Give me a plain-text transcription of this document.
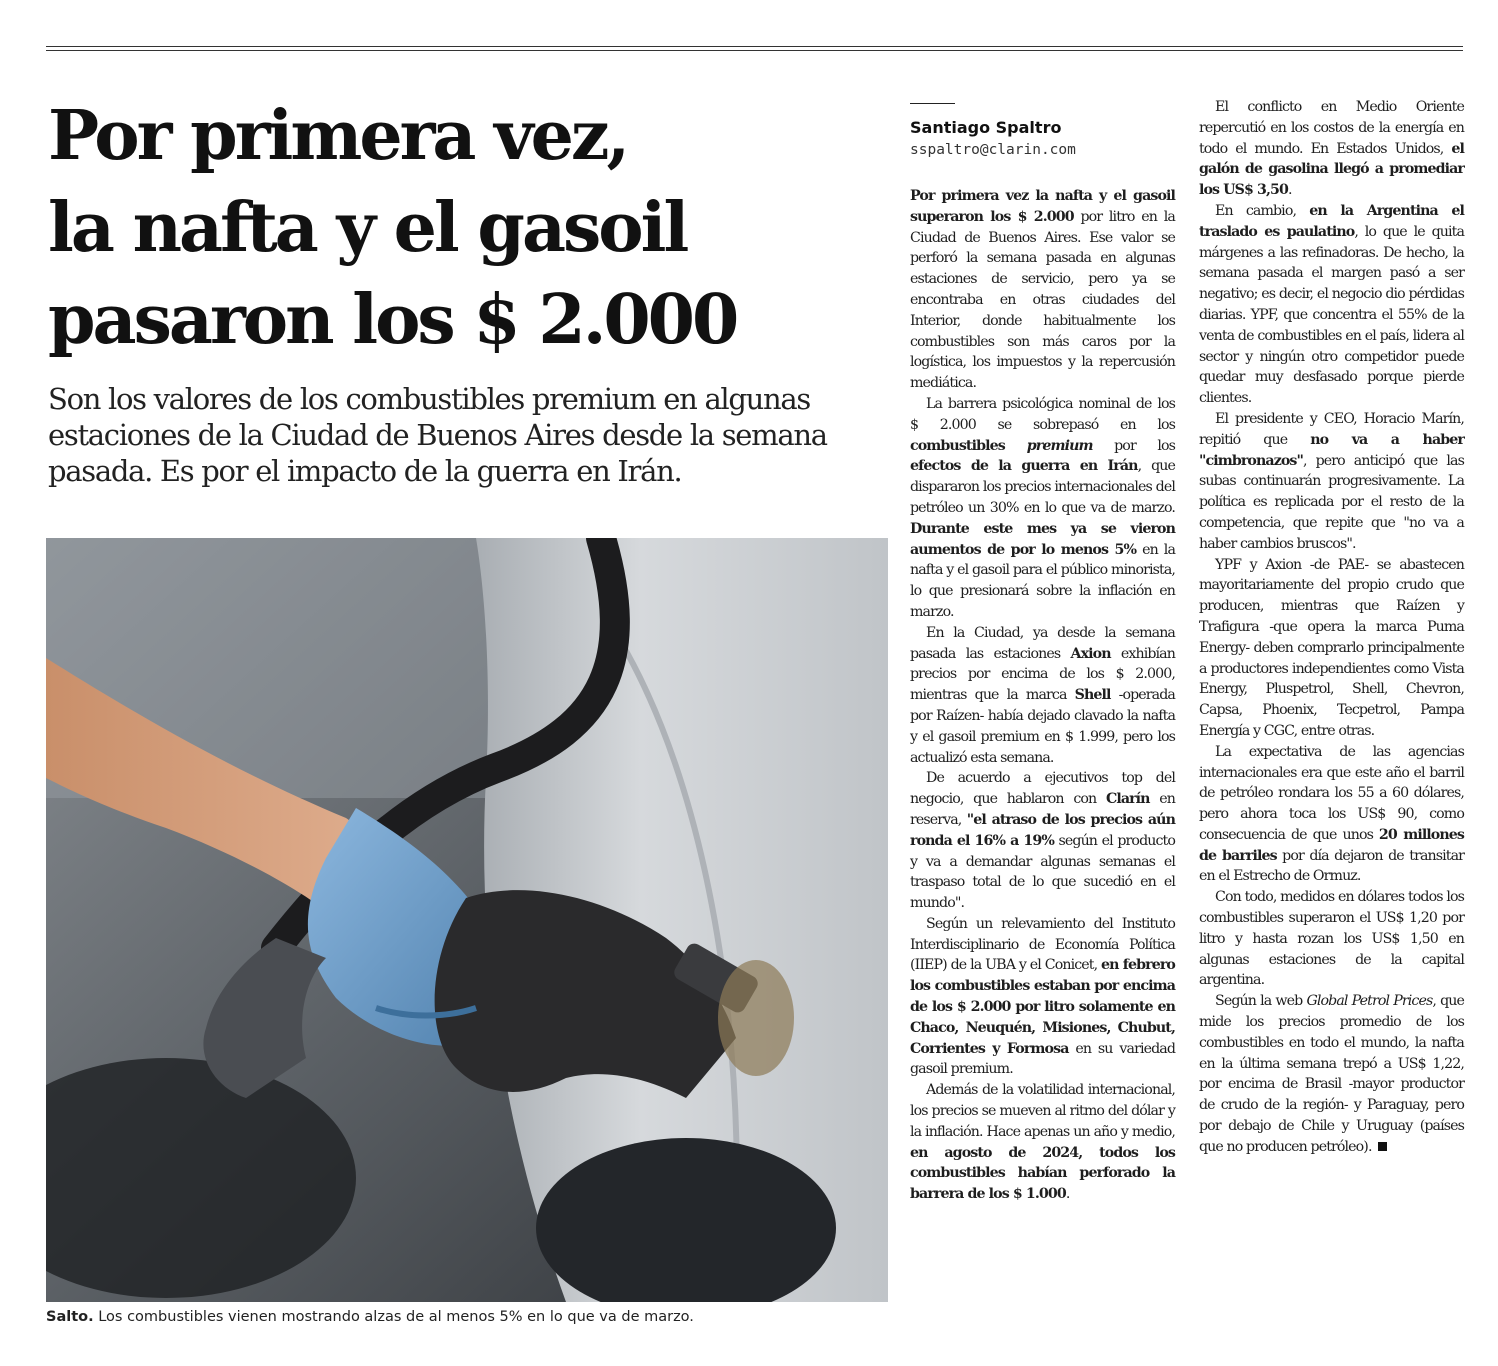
Por primera vez,
la nafta y el gasoil
pasaron los $ 2.000

Son los valores de los combustibles premium en algunas estaciones de la Ciudad de Buenos Aires desde la semana pasada. Es por el impacto de la guerra en Irán.

Salto. Los combustibles vienen mostrando alzas de al menos 5% en lo que va de marzo.
Santiago Spaltro
sspaltro@clarin.com

Por primera vez la nafta y el gasoil superaron los $ 2.000 por litro en la Ciudad de Buenos Aires. Ese valor se perforó la semana pasada en algunas estaciones de servicio, pero ya se encontraba en otras ciudades del Interior, donde habitualmente los combustibles son más caros por la logística, los impuestos y la repercusión mediática.

La barrera psicológica nominal de los $ 2.000 se sobrepasó en los combustibles premium por los efectos de la guerra en Irán, que dispararon los precios internacionales del petróleo un 30% en lo que va de marzo. Durante este mes ya se vieron aumentos de por lo menos 5% en la nafta y el gasoil para el público minorista, lo que presionará sobre la inflación en marzo.

En la Ciudad, ya desde la semana pasada las estaciones Axion exhibían precios por encima de los $ 2.000, mientras que la marca Shell -operada por Raízen- había dejado clavado la nafta y el gasoil premium en $ 1.999, pero los actualizó esta semana.

De acuerdo a ejecutivos top del negocio, que hablaron con Clarín en reserva, "el atraso de los precios aún ronda el 16% a 19% según el producto y va a demandar algunas semanas el traspaso total de lo que sucedió en el mundo".

Según un relevamiento del Instituto Interdisciplinario de Economía Política (IIEP) de la UBA y el Conicet, en febrero los combustibles estaban por encima de los $ 2.000 por litro solamente en Chaco, Neuquén, Misiones, Chubut, Corrientes y Formosa en su variedad gasoil premium.

Además de la volatilidad internacional, los precios se mueven al ritmo del dólar y la inflación. Hace apenas un año y medio, en agosto de 2024, todos los combustibles habían perforado la barrera de los $ 1.000.

El conflicto en Medio Oriente repercutió en los costos de la energía en todo el mundo. En Estados Unidos, el galón de gasolina llegó a promediar los US$ 3,50.

En cambio, en la Argentina el traslado es paulatino, lo que le quita márgenes a las refinadoras. De hecho, la semana pasada el margen pasó a ser negativo; es decir, el negocio dio pérdidas diarias. YPF, que concentra el 55% de la venta de combustibles en el país, lidera al sector y ningún otro competidor puede quedar muy desfasado porque pierde clientes.

El presidente y CEO, Horacio Marín, repitió que no va a haber "cimbronazos", pero anticipó que las subas continuarán progresivamente. La política es replicada por el resto de la competencia, que repite que "no va a haber cambios bruscos".

YPF y Axion -de PAE- se abastecen mayoritariamente del propio crudo que producen, mientras que Raízen y Trafigura -que opera la marca Puma Energy- deben comprarlo principalmente a productores independientes como Vista Energy, Pluspetrol, Shell, Chevron, Capsa, Phoenix, Tecpetrol, Pampa Energía y CGC, entre otras.

La expectativa de las agencias internacionales era que este año el barril de petróleo rondara los 55 a 60 dólares, pero ahora toca los US$ 90, como consecuencia de que unos 20 millones de barriles por día dejaron de transitar en el Estrecho de Ormuz.

Con todo, medidos en dólares todos los combustibles superaron el US$ 1,20 por litro y hasta rozan los US$ 1,50 en algunas estaciones de la capital argentina.

Según la web Global Petrol Prices, que mide los precios promedio de los combustibles en todo el mundo, la nafta en la última semana trepó a US$ 1,22, por encima de Brasil -mayor productor de crudo de la región- y Paraguay, pero por debajo de Chile y Uruguay (países que no producen petróleo).
